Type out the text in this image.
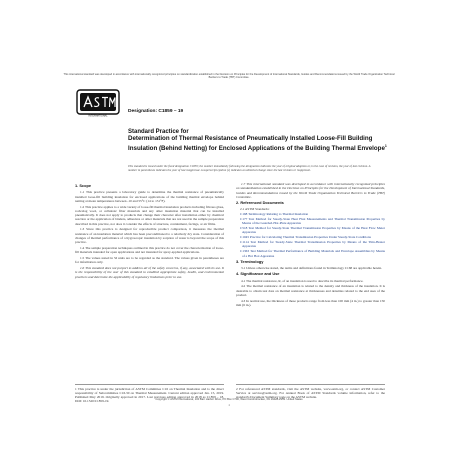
This international standard was developed in accordance with internationally recognized principles on standardization established in the Decision on Principles for the Development of International Standards, Guides and Recommendations issued by the World Trade Organization Technical Barriers to Trade (TBT) Committee.
INTERNATIONAL
Designation: C1859 – 19
Standard Practice for
Determination of Thermal Resistance of Pneumatically Installed Loose-Fill Building Insulation (Behind Netting) for Enclosed Applications of the Building Thermal Envelope$^1$
This standard is issued under the fixed designation C1859; the number immediately following the designation indicates the year of original adoption or, in the case of revision, the year of last revision. A number in parentheses indicates the year of last reapproval. A superscript epsilon (ε) indicates an editorial change since the last revision or reapproval.
1. Scope

1.1 This practice presents a laboratory guide to determine the thermal resistance of pneumatically installed loose-fill building insulation for enclosed applications of the building thermal envelope behind netting at mean temperatures between -10 and 55°C (14 to 131°F).

1.2 This practice applies to a wide variety of loose-fill thermal insulation products including fibrous glass, rock/slag wool, or cellulosic fiber materials and any other insulation material that can be installed pneumatically. It does not apply to products that change their character after installation either by chemical reaction or the application of binders, adhesives or other materials that are not used in the sample preparation described in this practice, nor does it consider the effects of structure, containment, facings, or air films.

1.3 Since this practice is designed for reproducible product comparison, it measures the thermal resistance of an insulation material which has been preconditioned to a relatively dry state. Consideration of changes of thermal performance of a hygroscopic insulation by sorption of water is beyond the scope of this practice.

1.4 The sample preparation techniques outlined in this practice do not cover the characterization of loose-fill materials intended for open applications and not intended for spray-applied applications.

1.5 The values stated in SI units are to be regarded as the standard. The values given in parentheses are for information only.

1.6 This standard does not purport to address all of the safety concerns, if any, associated with its use. It is the responsibility of the user of this standard to establish appropriate safety, health, and environmental practices and determine the applicability of regulatory limitations prior to use.

1.7 This international standard was developed in accordance with internationally recognized principles on standardization established in the Decision on Principles for the Development of International Standards, Guides and Recommendations issued by the World Trade Organization Technical Barriers to Trade (TBT) Committee.

2. Referenced Documents
2.1 ASTM Standards:
C168 Terminology Relating to Thermal Insulation
C177 Test Method for Steady-State Heat Flux Measurements and Thermal Transmission Properties by Means of the Guarded-Hot-Plate Apparatus
C518 Test Method for Steady-State Thermal Transmission Properties by Means of the Heat Flow Meter Apparatus
C1045 Practice for Calculating Thermal Transmission Properties Under Steady-State Conditions
C1114 Test Method for Steady-State Thermal Transmission Properties by Means of the Thin-Heater Apparatus
C1363 Test Method for Thermal Performance of Building Materials and Envelope Assemblies by Means of a Hot Box Apparatus
3. Terminology

3.1 Unless otherwise stated, the terms and definitions found in Terminology C168 are applicable herein.

4. Significance and Use

4.1 The thermal resistance, R, of an insulation is used to describe its thermal performance.

4.2 The thermal resistance of an insulation is related to the density and thickness of the insulation. It is desirable to obtain test data on thermal resistance at thicknesses and densities related to the end uses of the product.

4.3 In normal use, the thickness of these products range from less than 100 mm (4 in.) to greater than 150 mm (6 in.).

1 This practice is under the jurisdiction of ASTM Committee C16 on Thermal Insulation and is the direct responsibility of Subcommittee C16.30 on Thermal Measurement. Current edition approved Jan. 15, 2019. Published May 2019. Originally approved in 2017. Last previous edition approved in 2018 as C1859 – 18. DOI: 10.1520/C1859-19.
2 For referenced ASTM standards, visit the ASTM website, www.astm.org, or contact ASTM Customer Service at service@astm.org. For Annual Book of ASTM Standards volume information, refer to the standard's Document Summary page on the ASTM website.
Copyright © ASTM International, 100 Barr Harbor Drive, PO Box C700, West Conshohocken, PA 19428-2959. United States
1
